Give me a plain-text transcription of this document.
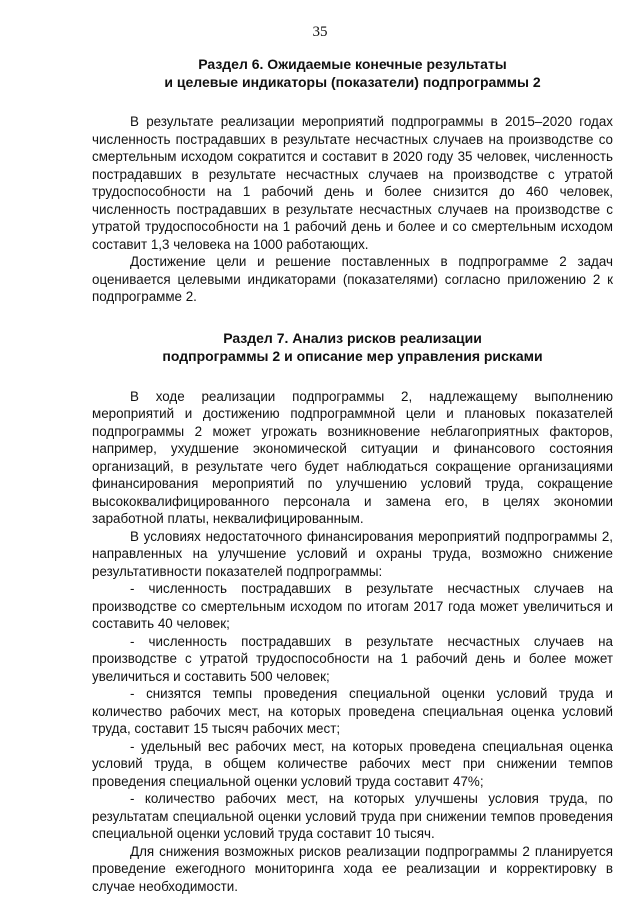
35
Раздел 6. Ожидаемые конечные результаты
и целевые индикаторы (показатели) подпрограммы 2

В результате реализации мероприятий подпрограммы в 2015–2020 годах численность пострадавших в результате несчастных случаев на производстве со смертельным исходом сократится и составит в 2020 году 35 человек, численность пострадавших в результате несчастных случаев на производстве с утратой трудоспособности на 1 рабочий день и более снизится до 460 человек, численность пострадавших в результате несчастных случаев на производстве с утратой трудоспособности на 1 рабочий день и более и со смертельным исходом составит 1,3 человека на 1000 работающих.

Достижение цели и решение поставленных в подпрограмме 2 задач оценивается целевыми индикаторами (показателями) согласно приложению 2 к подпрограмме 2.

Раздел 7. Анализ рисков реализации
подпрограммы 2 и описание мер управления рисками

В ходе реализации подпрограммы 2, надлежащему выполнению мероприятий и достижению подпрограммной цели и плановых показателей подпрограммы 2 может угрожать возникновение неблагоприятных факторов, например, ухудшение экономической ситуации и финансового состояния организаций, в результате чего будет наблюдаться сокращение организациями финансирования мероприятий по улучшению условий труда, сокращение высококвалифицированного персонала и замена его, в целях экономии заработной платы, неквалифицированным.

В условиях недостаточного финансирования мероприятий подпрограммы 2, направленных на улучшение условий и охраны труда, возможно снижение результативности показателей подпрограммы:

- численность пострадавших в результате несчастных случаев на производстве со смертельным исходом по итогам 2017 года может увеличиться и составить 40 человек;

- численность пострадавших в результате несчастных случаев на производстве с утратой трудоспособности на 1 рабочий день и более может увеличиться и составить 500 человек;

- снизятся темпы проведения специальной оценки условий труда и количество рабочих мест, на которых проведена специальная оценка условий труда, составит 15 тысяч рабочих мест;

- удельный вес рабочих мест, на которых проведена специальная оценка условий труда, в общем количестве рабочих мест при снижении темпов проведения специальной оценки условий труда составит 47%;

- количество рабочих мест, на которых улучшены условия труда, по результатам специальной оценки условий труда при снижении темпов проведения специальной оценки условий труда составит 10 тысяч.

Для снижения возможных рисков реализации подпрограммы 2 планируется проведение ежегодного мониторинга хода ее реализации и корректировку в случае необходимости.
